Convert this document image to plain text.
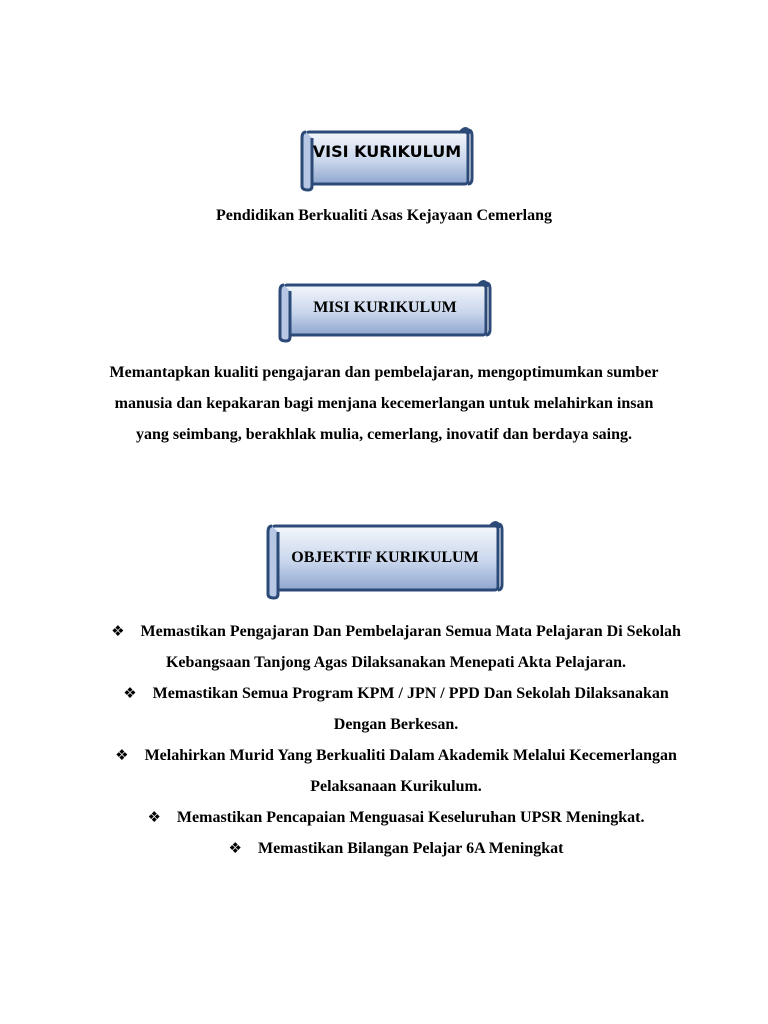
VISI KURIKULUM
Pendidikan Berkualiti Asas Kejayaan Cemerlang
MISI KURIKULUM
Memantapkan kualiti pengajaran dan pembelajaran, mengoptimumkan sumber manusia dan kepakaran bagi menjana kecemerlangan untuk melahirkan insan yang seimbang, berakhlak mulia, cemerlang, inovatif dan berdaya saing.
OBJEKTIF KURIKULUM
❖ Memastikan Pengajaran Dan Pembelajaran Semua Mata Pelajaran Di Sekolah Kebangsaan Tanjong Agas Dilaksanakan Menepati Akta Pelajaran.
❖ Memastikan Semua Program KPM / JPN / PPD Dan Sekolah Dilaksanakan Dengan Berkesan.
❖ Melahirkan Murid Yang Berkualiti Dalam Akademik Melalui Kecemerlangan Pelaksanaan Kurikulum.
❖ Memastikan Pencapaian Menguasai Keseluruhan UPSR Meningkat.
❖ Memastikan Bilangan Pelajar 6A Meningkat
